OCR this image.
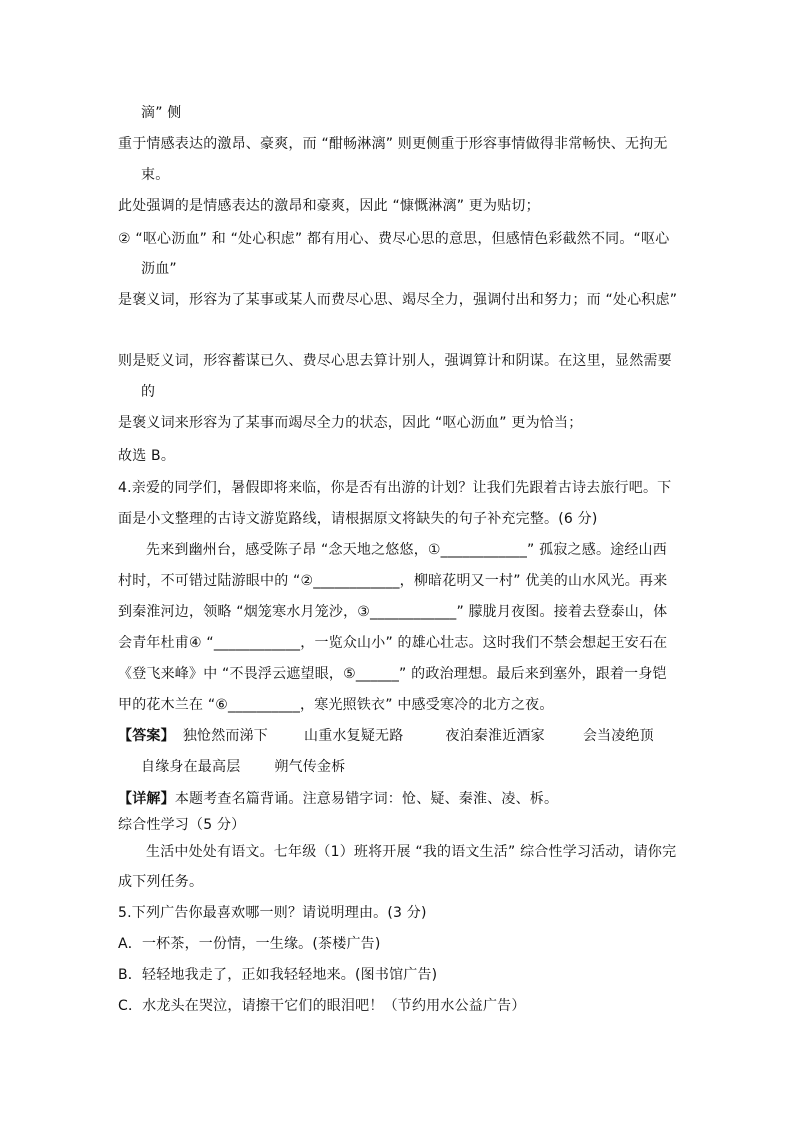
滴” 侧
重于情感表达的激昂、豪爽，而 “酣畅淋漓” 则更侧重于形容事情做得非常畅快、无拘无
束。
此处强调的是情感表达的激昂和豪爽，因此 “慷慨淋漓” 更为贴切；
② “呕心沥血” 和 “处心积虑” 都有用心、费尽心思的意思，但感情色彩截然不同。“呕心
沥血”
是褒义词，形容为了某事或某人而费尽心思、竭尽全力，强调付出和努力；而 “处心积虑”
则是贬义词，形容蓄谋已久、费尽心思去算计别人，强调算计和阴谋。在这里，显然需要
的
是褒义词来形容为了某事而竭尽全力的状态，因此 “呕心沥血” 更为恰当；
故选 B。
4.亲爱的同学们，暑假即将来临，你是否有出游的计划？让我们先跟着古诗去旅行吧。下
面是小文整理的古诗文游览路线，请根据原文将缺失的句子补充完整。(6 分)
先来到幽州台，感受陈子昂 “念天地之悠悠，①____________” 孤寂之感。途经山西
村时，不可错过陆游眼中的 “②____________，柳暗花明又一村” 优美的山水风光。再来
到秦淮河边，领略 “烟笼寒水月笼沙，③____________” 朦胧月夜图。接着去登泰山，体
会青年杜甫④ “____________，一览众山小” 的雄心壮志。这时我们不禁会想起王安石在
《登飞来峰》中 “不畏浮云遮望眼，⑤______” 的政治理想。最后来到塞外，跟着一身铠
甲的花木兰在 “⑥__________，寒光照铁衣” 中感受寒冷的北方之夜。
【答案】 独怆然而涕下	山重水复疑无路	夜泊秦淮近酒家	会当凌绝顶
自缘身在最高层 朔气传金柝
【详解】本题考查名篇背诵。注意易错字词：怆、疑、秦淮、凌、柝。
综合性学习（5 分）
生活中处处有语文。七年级（1）班将开展 “我的语文生活” 综合性学习活动，请你完
成下列任务。
5.下列广告你最喜欢哪一则？请说明理由。(3 分)
A．一杯茶，一份情，一生缘。(茶楼广告)
B．轻轻地我走了，正如我轻轻地来。(图书馆广告)
C．水龙头在哭泣，请擦干它们的眼泪吧！（节约用水公益广告）
